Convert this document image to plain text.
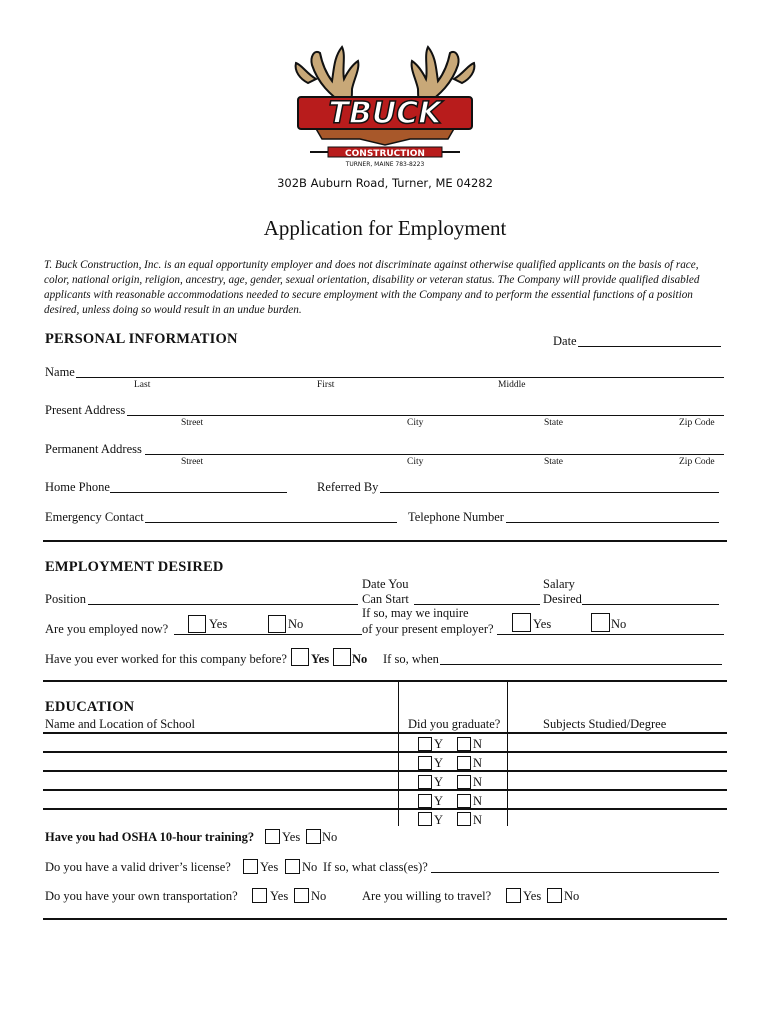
TBUCK
CONSTRUCTION
TURNER, MAINE 783-8223
302B Auburn Road, Turner, ME 04282
Application for Employment
T. Buck Construction, Inc. is an equal opportunity employer and does not discriminate against otherwise qualified applicants on the basis of race, color, national origin, religion, ancestry, age, gender, sexual orientation, disability or veteran status. The Company will provide qualified disabled applicants with reasonable accommodations needed to secure employment with the Company and to perform the essential functions of a position desired, unless doing so would result in an undue burden.
PERSONAL INFORMATION	Date
Name
Last	First	Middle
Present Address
Street	City	State	Zip Code
Permanent Address
Street	City	State	Zip Code
Home Phone	Referred By
Emergency Contact	Telephone Number
EMPLOYMENT DESIRED
Position
Date You
Can Start
Salary
Desired
Are you employed now?	Yes	No
If so, may we inquire
of your present employer?	Yes	No
Have you ever worked for this company before? Yes No If so, when
EDUCATION
Name and Location of School	Did you graduate?	Subjects Studied/Degree
Y N
Y N
Y N
Y N
Y N
Have you had OSHA 10-hour training? Yes No
Do you have a valid driver’s license? Yes No If so, what class(es)?
Do you have your own transportation?	Yes No	Are you willing to travel?	Yes No
